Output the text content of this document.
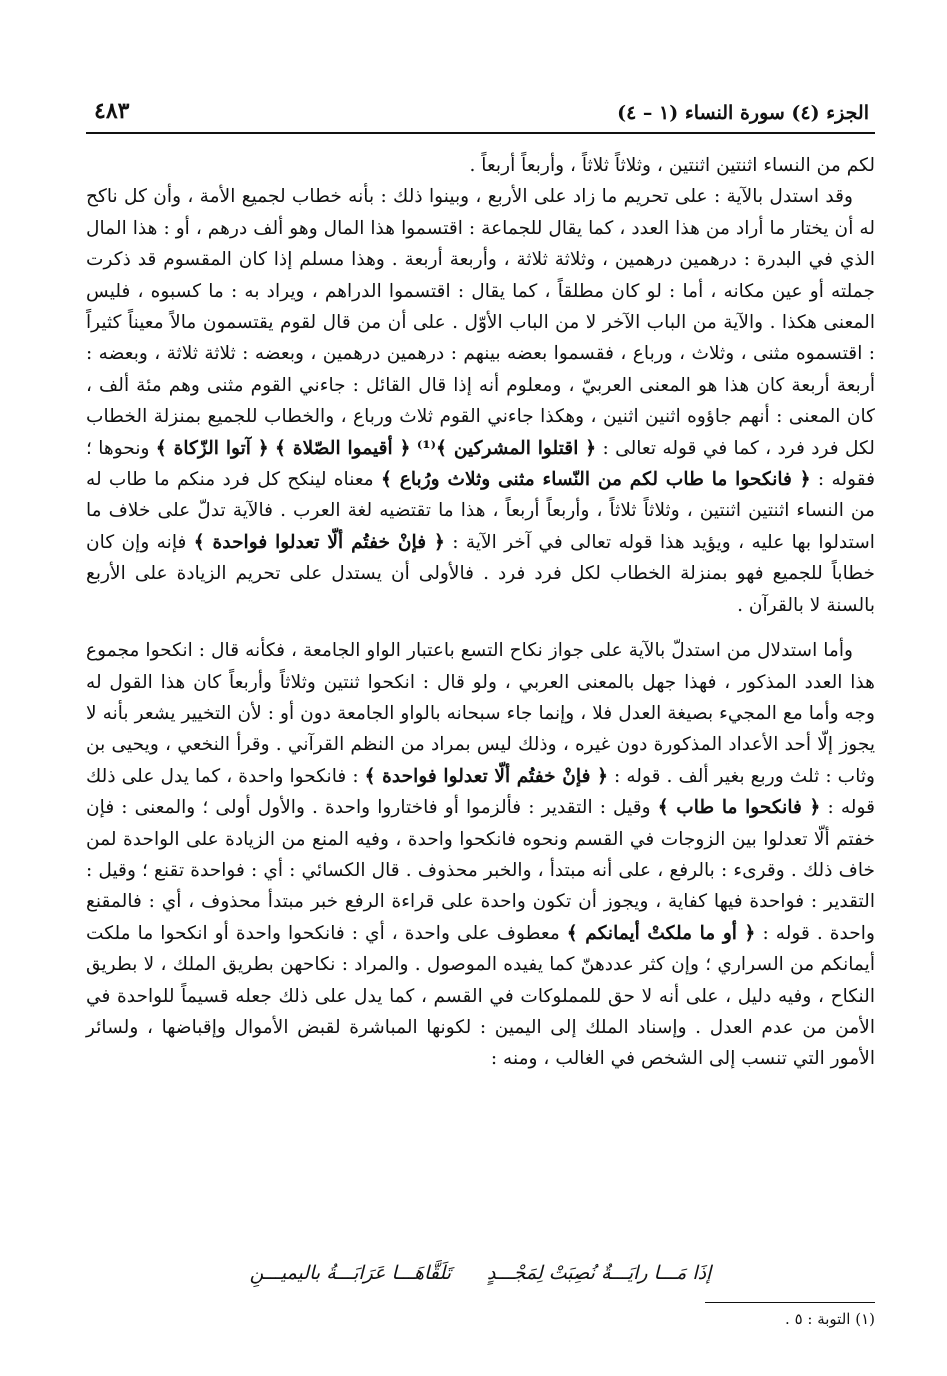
الجزء (٤) سورة النساء (١ – ٤)
٤٨٣

لكم من النساء اثنتين اثنتين ، وثلاثاً ثلاثاً ، وأربعاً أربعاً .

وقد استدل بالآية : على تحريم ما زاد على الأربع ، وبينوا ذلك : بأنه خطاب لجميع الأمة ، وأن كل ناكح له أن يختار ما أراد من هذا العدد ، كما يقال للجماعة : اقتسموا هذا المال وهو ألف درهم ، أو : هذا المال الذي في البدرة : درهمين درهمين ، وثلاثة ثلاثة ، وأربعة أربعة . وهذا مسلم إذا كان المقسوم قد ذكرت جملته أو عين مكانه ، أما : لو كان مطلقاً ، كما يقال : اقتسموا الدراهم ، ويراد به : ما كسبوه ، فليس المعنى هكذا . والآية من الباب الآخر لا من الباب الأوّل . على أن من قال لقوم يقتسمون مالاً معيناً كثيراً : اقتسموه مثنى ، وثلاث ، ورباع ، فقسموا بعضه بينهم : درهمين درهمين ، وبعضه : ثلاثة ثلاثة ، وبعضه : أربعة أربعة كان هذا هو المعنى العربيّ ، ومعلوم أنه إذا قال القائل : جاءني القوم مثنى وهم مئة ألف ، كان المعنى : أنهم جاؤوه اثنين اثنين ، وهكذا جاءني القوم ثلاث ورباع ، والخطاب للجميع بمنزلة الخطاب لكل فرد فرد ، كما في قوله تعالى : ﴿ اقتلوا المشركين ﴾⁽¹⁾ ﴿ أقيموا الصّلاة ﴾ ﴿ آتوا الزّكاة ﴾ ونحوها ؛ فقوله : ﴿ فانكحوا ما طاب لكم من النّساء مثنى وثلاث ورُباع ﴾ معناه لينكح كل فرد منكم ما طاب له من النساء اثنتين اثنتين ، وثلاثاً ثلاثاً ، وأربعاً أربعاً ، هذا ما تقتضيه لغة العرب . فالآية تدلّ على خلاف ما استدلوا بها عليه ، ويؤيد هذا قوله تعالى في آخر الآية : ﴿ فإنْ خفتُم ألّا تعدلوا فواحدة ﴾ فإنه وإن كان خطاباً للجميع فهو بمنزلة الخطاب لكل فرد فرد . فالأولى أن يستدل على تحريم الزيادة على الأربع بالسنة لا بالقرآن .

وأما استدلال من استدلّ بالآية على جواز نكاح التسع باعتبار الواو الجامعة ، فكأنه قال : انكحوا مجموع هذا العدد المذكور ، فهذا جهل بالمعنى العربي ، ولو قال : انكحوا ثنتين وثلاثاً وأربعاً كان هذا القول له وجه وأما مع المجيء بصيغة العدل فلا ، وإنما جاء سبحانه بالواو الجامعة دون أو : لأن التخيير يشعر بأنه لا يجوز إلّا أحد الأعداد المذكورة دون غيره ، وذلك ليس بمراد من النظم القرآني . وقرأ النخعي ، ويحيى بن وثاب : ثلث وربع بغير ألف . قوله : ﴿ فإنْ خفتُم ألّا تعدلوا فواحدة ﴾ : فانكحوا واحدة ، كما يدل على ذلك قوله : ﴿ فانكحوا ما طاب ﴾ وقيل : التقدير : فألزموا أو فاختاروا واحدة . والأول أولى ؛ والمعنى : فإن خفتم ألّا تعدلوا بين الزوجات في القسم ونحوه فانكحوا واحدة ، وفيه المنع من الزيادة على الواحدة لمن خاف ذلك . وقرىء : بالرفع ، على أنه مبتدأ ، والخبر محذوف . قال الكسائي : أي : فواحدة تقنع ؛ وقيل : التقدير : فواحدة فيها كفاية ، ويجوز أن تكون واحدة على قراءة الرفع خبر مبتدأ محذوف ، أي : فالمقنع واحدة . قوله : ﴿ أو ما ملكتْ أيمانكم ﴾ معطوف على واحدة ، أي : فانكحوا واحدة أو انكحوا ما ملكت أيمانكم من السراري ؛ وإن كثر عددهنّ كما يفيده الموصول . والمراد : نكاحهن بطريق الملك ، لا بطريق النكاح ، وفيه دليل ، على أنه لا حق للمملوكات في القسم ، كما يدل على ذلك جعله قسيماً للواحدة في الأمن من عدم العدل . وإسناد الملك إلى اليمين : لكونها المباشرة لقبض الأموال وإقباضها ، ولسائر الأمور التي تنسب إلى الشخص في الغالب ، ومنه :

إذَا مَـــا رايَـــةٌ نُصِبَتْ لِمَجْـــدٍ
تَلَقَّاهَـــا عَرَابَـــةُ باليميـــنِ
(١) التوبة : ٥ .
